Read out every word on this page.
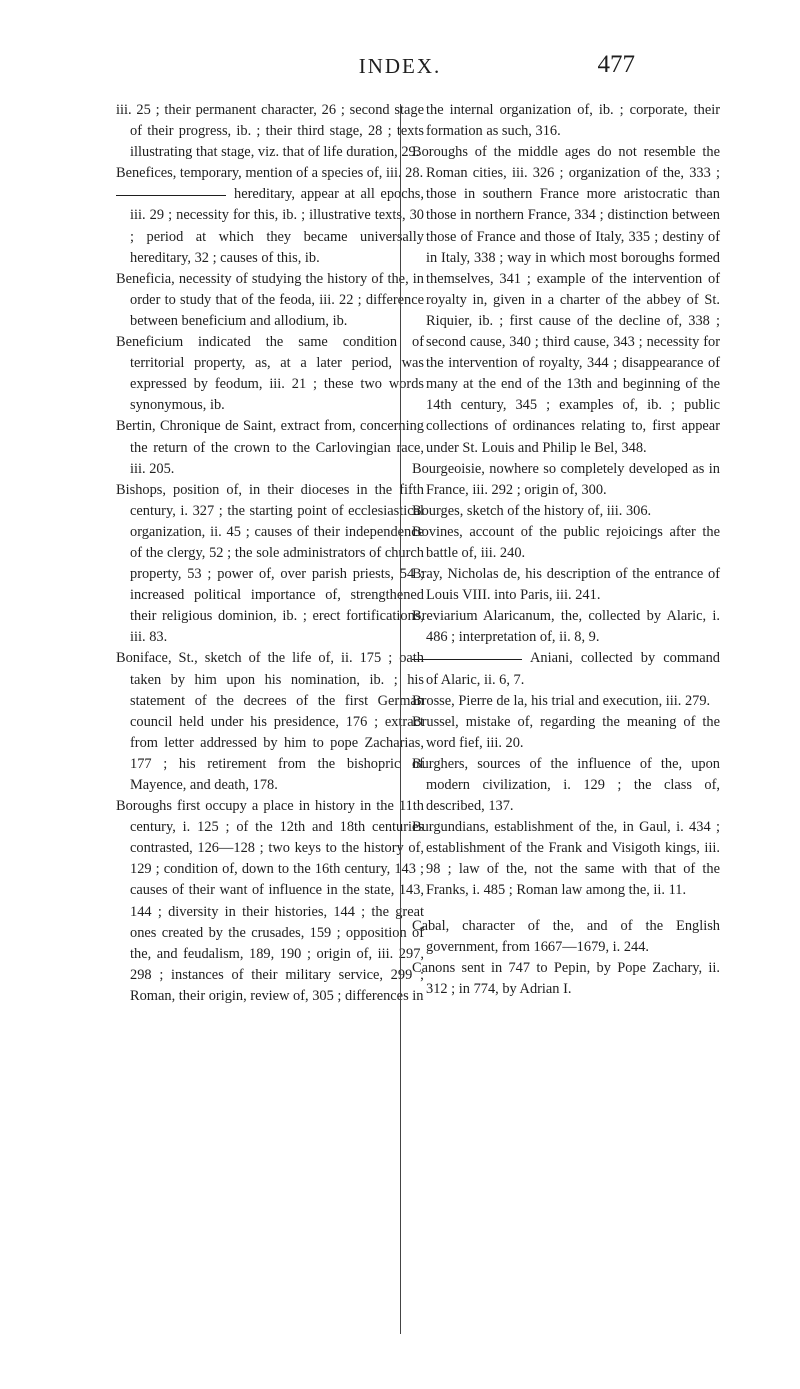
INDEX.	477

iii. 25 ; their permanent character, 26 ; second stage of their progress, ib. ; their third stage, 28 ; texts illustrating that stage, viz. that of life duration, 29.

Benefices, temporary, mention of a species of, iii. 28.

hereditary, appear at all epochs, iii. 29 ; necessity for this, ib. ; illustrative texts, 30 ; period at which they became universally hereditary, 32 ; causes of this, ib.

Beneficia, necessity of studying the history of the, in order to study that of the feoda, iii. 22 ; difference between beneficium and allodium, ib.

Beneficium indicated the same condition of territorial property, as, at a later period, was expressed by feodum, iii. 21 ; these two words synonymous, ib.

Bertin, Chronique de Saint, extract from, concerning the return of the crown to the Carlovingian race, iii. 205.

Bishops, position of, in their dioceses in the fifth century, i. 327 ; the starting point of ecclesiastical organization, ii. 45 ; causes of their independence of the clergy, 52 ; the sole administrators of church property, 53 ; power of, over parish priests, 54 ; increased political importance of, strengthened their religious dominion, ib. ; erect fortifications, iii. 83.

Boniface, St., sketch of the life of, ii. 175 ; oath taken by him upon his nomination, ib. ; his statement of the decrees of the first German council held under his presidence, 176 ; extract from letter addressed by him to pope Zacharias, 177 ; his retirement from the bishopric of Mayence, and death, 178.

Boroughs first occupy a place in history in the 11th century, i. 125 ; of the 12th and 18th centuries contrasted, 126—128 ; two keys to the history of, 129 ; condition of, down to the 16th century, 143 ; causes of their want of influence in the state, 143, 144 ; diversity in their histories, 144 ; the great ones created by the crusades, 159 ; opposition of the, and feudalism, 189, 190 ; origin of, iii. 297, 298 ; instances of their military service, 299 ; Roman, their origin, review of, 305 ; differences in

the internal organization of, ib. ; corporate, their formation as such, 316.

Boroughs of the middle ages do not resemble the Roman cities, iii. 326 ; organization of the, 333 ; those in southern France more aristocratic than those in northern France, 334 ; distinction between those of France and those of Italy, 335 ; destiny of in Italy, 338 ; way in which most boroughs formed themselves, 341 ; example of the intervention of royalty in, given in a charter of the abbey of St. Riquier, ib. ; first cause of the decline of, 338 ; second cause, 340 ; third cause, 343 ; necessity for the intervention of royalty, 344 ; disappearance of many at the end of the 13th and beginning of the 14th century, 345 ; examples of, ib. ; public collections of ordinances relating to, first appear under St. Louis and Philip le Bel, 348.

Bourgeoisie, nowhere so completely developed as in France, iii. 292 ; origin of, 300.

Bourges, sketch of the history of, iii. 306.

Bovines, account of the public rejoicings after the battle of, iii. 240.

Bray, Nicholas de, his description of the entrance of Louis VIII. into Paris, iii. 241.

Breviarium Alaricanum, the, collected by Alaric, i. 486 ; interpretation of, ii. 8, 9.

Aniani, collected by command of Alaric, ii. 6, 7.

Brosse, Pierre de la, his trial and execution, iii. 279.

Brussel, mistake of, regarding the meaning of the word fief, iii. 20.

Burghers, sources of the influence of the, upon modern civilization, i. 129 ; the class of, described, 137.

Burgundians, establishment of the, in Gaul, i. 434 ; establishment of the Frank and Visigoth kings, iii. 98 ; law of the, not the same with that of the Franks, i. 485 ; Roman law among the, ii. 11.

Cabal, character of the, and of the English government, from 1667—1679, i. 244.

Canons sent in 747 to Pepin, by Pope Zachary, ii. 312 ; in 774, by Adrian I.
